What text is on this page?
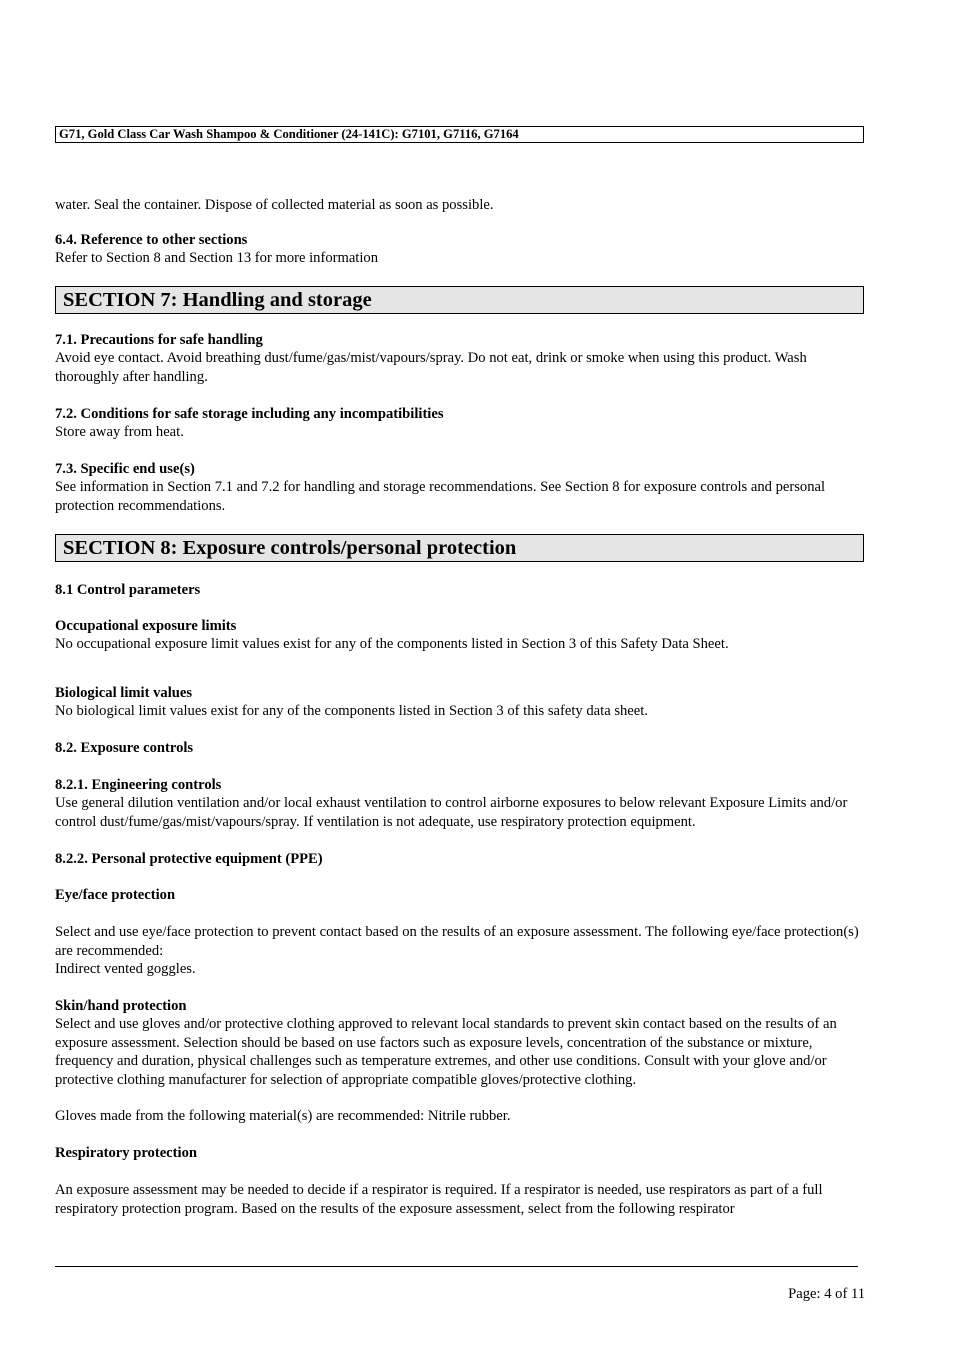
G71, Gold Class Car Wash Shampoo & Conditioner (24-141C): G7101, G7116, G7164
water. Seal the container. Dispose of collected material as soon as possible.
6.4. Reference to other sections
Refer to Section 8 and Section 13 for more information
SECTION 7: Handling and storage
7.1. Precautions for safe handling
Avoid eye contact. Avoid breathing dust/fume/gas/mist/vapours/spray. Do not eat, drink or smoke when using this product. Wash thoroughly after handling.
7.2. Conditions for safe storage including any incompatibilities
Store away from heat.
7.3. Specific end use(s)
See information in Section 7.1 and 7.2 for handling and storage recommendations. See Section 8 for exposure controls and personal protection recommendations.
SECTION 8: Exposure controls/personal protection
8.1 Control parameters
Occupational exposure limits
No occupational exposure limit values exist for any of the components listed in Section 3 of this Safety Data Sheet.
Biological limit values
No biological limit values exist for any of the components listed in Section 3 of this safety data sheet.
8.2. Exposure controls
8.2.1. Engineering controls
Use general dilution ventilation and/or local exhaust ventilation to control airborne exposures to below relevant Exposure Limits and/or control dust/fume/gas/mist/vapours/spray. If ventilation is not adequate, use respiratory protection equipment.
8.2.2. Personal protective equipment (PPE)
Eye/face protection
Select and use eye/face protection to prevent contact based on the results of an exposure assessment. The following eye/face protection(s) are recommended:
Indirect vented goggles.
Skin/hand protection
Select and use gloves and/or protective clothing approved to relevant local standards to prevent skin contact based on the results of an exposure assessment. Selection should be based on use factors such as exposure levels, concentration of the substance or mixture, frequency and duration, physical challenges such as temperature extremes, and other use conditions. Consult with your glove and/or protective clothing manufacturer for selection of appropriate compatible gloves/protective clothing.
Gloves made from the following material(s) are recommended: Nitrile rubber.
Respiratory protection
An exposure assessment may be needed to decide if a respirator is required. If a respirator is needed, use respirators as part of a full respiratory protection program. Based on the results of the exposure assessment, select from the following respirator
Page: 4 of 11
